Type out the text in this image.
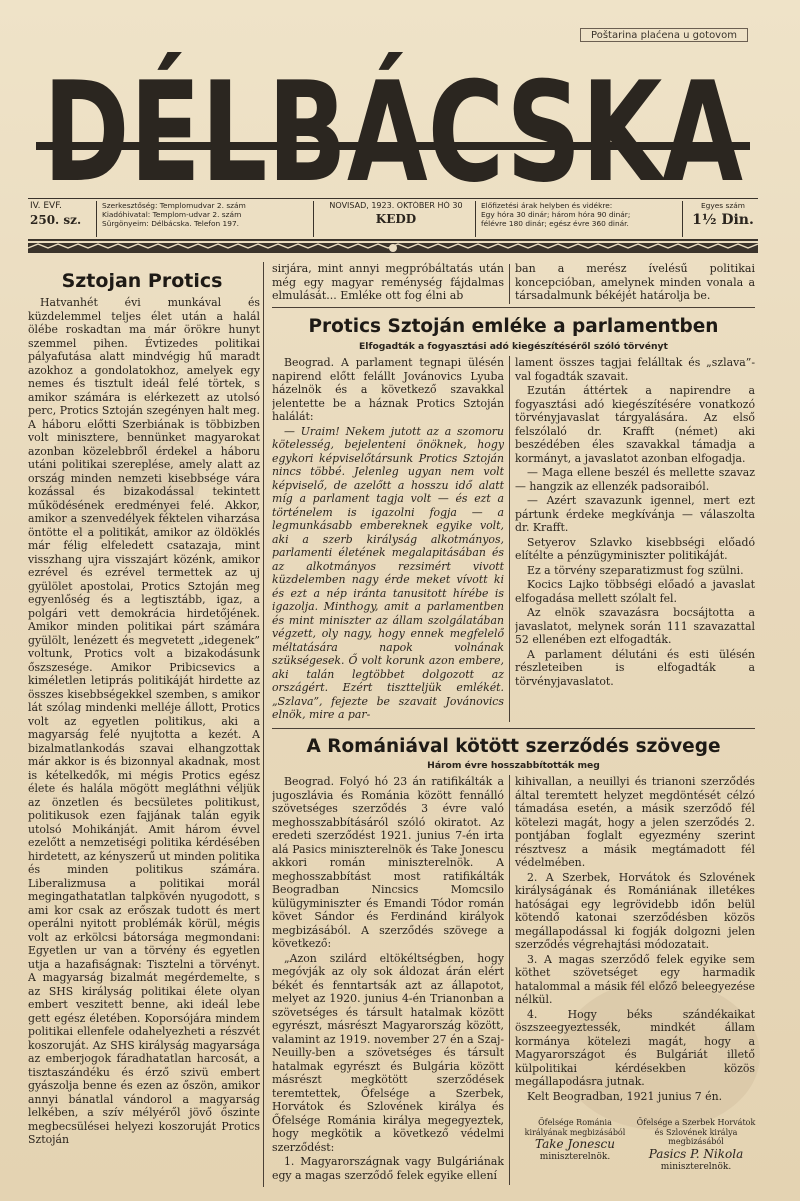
Poštarina plaćena u gotovom
DÉLBÁCSKA
IV. ÉVF.
250. sz.
Szerkesztőség: Templomudvar 2. szám
Kiadóhivatal: Templom-udvar 2. szám
Sürgönyeim: Délbácska. Telefon 197.
NOVISAD, 1923. OKTÓBER HÓ 30
KEDD
Előfizetési árak helyben és vidékre:
Egy hóra 30 dinár; három hóra 90 dinár;
félévre 180 dinár; egész évre 360 dinár.
Egyes szám
1½ Din.
Sztojan Protics

Hatvanhét évi munkával és küzdelemmel teljes élet után a halál ölébe roskadtan ma már örökre hunyt szemmel pihen. Évtizedes politikai pályafutása alatt mindvégig hű maradt azokhoz a gondolatokhoz, amelyek egy nemes és tisztult ideál felé törtek, s amikor számára is elérkezett az utolsó perc, Protics Sztoján szegényen halt meg. A háboru előtti Szerbiának is többizben volt minisztere, bennünket magyarokat azonban közelebbről érdekel a háboru utáni politikai szereplése, amely alatt az ország minden nemzeti kisebbsége vára kozással és bizakodással tekintett működésének eredményei felé. Akkor, amikor a szenvedélyek féktelen viharzása öntötte el a politikát, amikor az öldöklés már félig elfeledett csatazaja, mint visszhang ujra visszajárt közénk, amikor ezrével és ezrével termettek az uj gyülölet apostolai, Protics Sztoján meg egyenlőség és a legtisztább, igaz, a polgári vett demokrácia hirdetőjének. Amikor minden politikai párt számára gyülölt, lenézett és megvetett „idegenek” voltunk, Protics volt a bizakodásunk őszszesége. Amikor Pribicsevics a kiméletlen letiprás politikáját hirdette az összes kisebbségekkel szemben, s amikor lát szólag mindenki melléje állott, Protics volt az egyetlen politikus, aki a magyarság felé nyujtotta a kezét. A bizalmatlankodás szavai elhangzottak már akkor is és bizonnyal akadnak, most is kételkedők, mi mégis Protics egész élete és halála mögött megláthni véljük az önzetlen és becsületes politikust, politikusok ezen fajjának talán egyik utolsó Mohikánját. Amit három évvel ezelőtt a nemzetiségi politika kérdésében hirdetett, az kényszerű ut minden politika és minden politikus számára. Liberalizmusa a politikai morál megingathatatlan talpkövén nyugodott, s ami kor csak az erőszak tudott és mert operálni nyitott problémák körül, mégis volt az erkölcsi bátorsága megmondani: Egyetlen ur van a törvény és egyetlen utja a hazafiságnak: Tisztelni a törvényt. A magyarság bizalmát megérdemelte, s az SHS királyság politikai élete olyan embert veszitett benne, aki ideál lebe gett egész életében. Koporsójára mindem politikai ellenfele odahelyezheti a részvét koszoruját. Az SHS királyság magyarsága az emberjogok fáradhatatlan harcosát, a tisztaszándéku és érző szivü embert gyászolja benne és ezen az őszön, amikor annyi bánatlal vándorol a magyarság lelkében, a szív mélyéről jövő őszinte megbecsülései helyezi koszoruját Protics Sztoján

sirjára, mint annyi megpróbáltatás után még egy magyar reménység fájdalmas elmulását... Emléke ott fog élni ab

ban a merész ívelésű politikai koncepcióban, amelynek minden vonala a társadalmunk békéjét határolja be.

Protics Sztoján emléke a parlamentben
Elfogadták a fogyasztási adó kiegészítéséről szóló törvényt

Beograd. A parlament tegnapi ülésén napirend előtt felállt Jovánovics Lyuba házelnök és a következő szavakkal jelentette be a háznak Protics Sztoján halálát:

— Uraim! Nekem jutott az a szomoru kötelesség, bejelenteni önöknek, hogy egykori képviselőtársunk Protics Sztoján nincs többé. Jelenleg ugyan nem volt képviselő, de azelőtt a hosszu idő alatt míg a parlament tagja volt — és ezt a történelem is igazolni fogja — a legmunkásabb embereknek egyike volt, aki a szerb királyság alkotmányos, parlamenti életének megalapitásában és az alkotmányos rezsimért vivott küzdelemben nagy érde meket vívott ki és ezt a nép iránta tanusitott hírébe is igazolja. Minthogy, amit a parlamentben és mint miniszter az állam szolgálatában végzett, oly nagy, hogy ennek megfelelő méltatására napok volnának szükségesek. Ő volt korunk azon embere, aki talán legtöbbet dolgozott az országért. Ezért tisztteljük emlékét. „Szlava”, fejezte be szavait Jovánovics elnök, mire a par-

lament összes tagjai felálltak és „szlava”-val fogadták szavait.

Ezután áttértek a napirendre a fogyasztási adó kiegészítésére vonatkozó törvényjavaslat tárgyalására. Az első felszólaló dr. Krafft (német) aki beszédében éles szavakkal támadja a kormányt, a javaslatot azonban elfogadja.

— Maga ellene beszél és mellette szavaz — hangzik az ellenzék padsoraiból.

— Azért szavazunk igennel, mert ezt pártunk érdeke megkívánja — válaszolta dr. Krafft.

Setyerov Szlavko kisebbségi előadó elítélte a pénzügyminiszter politikáját.

Ez a törvény szeparatizmust fog szülni.

Kocics Lajko többségi előadó a javaslat elfogadása mellett szólalt fel.

Az elnök szavazásra bocsájtotta a javaslatot, melynek során 111 szavazattal 52 ellenében ezt elfogadták.

A parlament délutáni és esti ülésén részleteiben is elfogadták a törvényjavaslatot.

A Romániával kötött szerződés szövege
Három évre hosszabbították meg

Beograd. Folyó hó 23 án ratifikálták a jugoszlávia és Románia között fennálló szövetséges szerződés 3 évre való meghosszabbításáról szóló okiratot. Az eredeti szerződést 1921. junius 7-én irta alá Pasics miniszterelnök és Take Jonescu akkori román miniszterelnök. A meghosszabbítást most ratifikálták Beogradban Nincsics Momcsilo külügyminiszter és Emandi Tódor román követ Sándor és Ferdinánd királyok megbizásából. A szerződés szövege a következő:

„Azon szilárd eltökéltségben, hogy megóvják az oly sok áldozat árán elért békét és fenntartsák azt az állapotot, melyet az 1920. junius 4-én Trianonban a szövetséges és társult hatalmak között egyrészt, másrészt Magyarország között, valamint az 1919. november 27 én a Szaj-Neuilly-ben a szövetséges és társult hatalmak egyrészt és Bulgária között másrészt megkötött szerződések teremtettek, Őfelsége a Szerbek, Horvátok és Szlovének királya és Őfelsége Románia királya megegyeztek, hogy megkötik a következő védelmi szerződést:

1. Magyarországnak vagy Bulgáriának egy a magas szerződő felek egyike ellení

kihivallan, a neuillyi és trianoni szerződés által teremtett helyzet megdöntését célzó támadása esetén, a másik szerződő fél kötelezi magát, hogy a jelen szerződés 2. pontjában foglalt egyezmény szerint résztvesz a másik megtámadott fél védelmében.

2. A Szerbek, Horvátok és Szlovének királyságának és Romániának illetékes hatóságai egy legrövidebb időn belül kötendő katonai szerződésben közös megállapodással ki fogják dolgozni jelen szerződés végrehajtási módozatait.

3. A magas szerződő felek egyike sem köthet szövetséget egy harmadik hatalommal a másik fél előző beleegyezése nélkül.

4. Hogy béks szándékaikat öszszeegyeztessék, mindkét állam kormánya kötelezi magát, hogy a Magyarországot és Bulgáriát illető külpolitikai kérdésekben közös megállapodásra jutnak.

Kelt Beogradban, 1921 junius 7 én.

Őfelsége Románia királyának megbizásából
Take Jonescu
miniszterelnök.
Őfelsége a Szerbek Horvátok és Szlovének királya megbizásából
Pasics P. Nikola
miniszterelnök.
